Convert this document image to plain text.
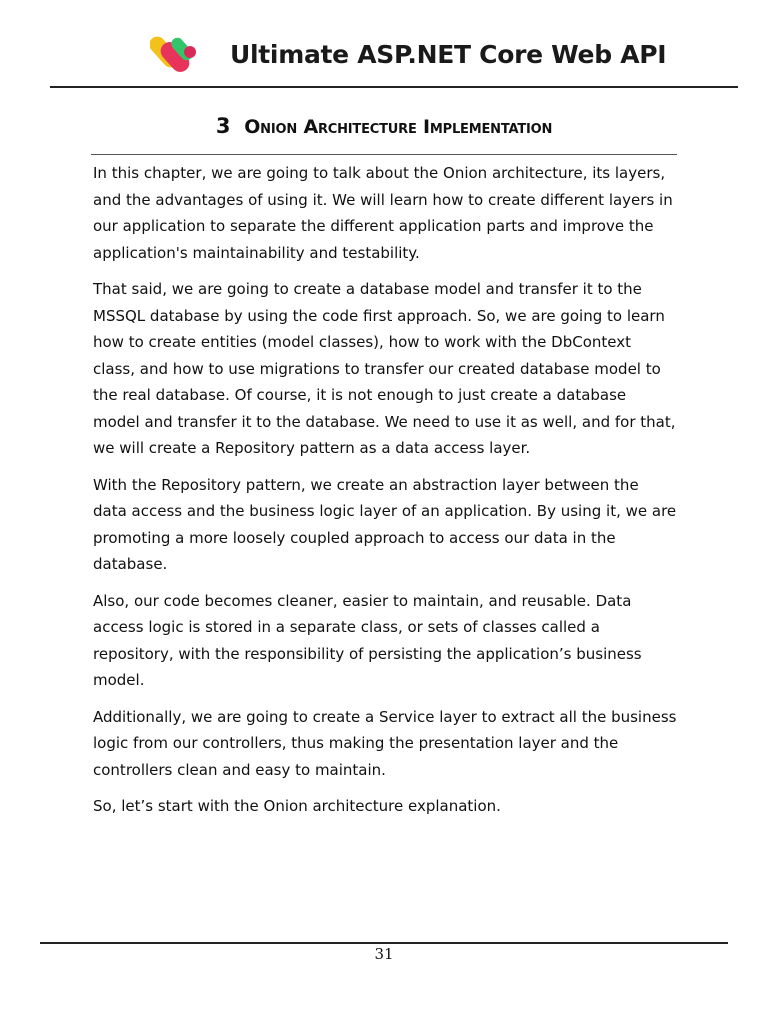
Ultimate ASP.NET Core Web API
3 Onion Architecture Implementation

In this chapter, we are going to talk about the Onion architecture, its layers, and the advantages of using it. We will learn how to create different layers in our application to separate the different application parts and improve the application's maintainability and testability.

That said, we are going to create a database model and transfer it to the MSSQL database by using the code first approach. So, we are going to learn how to create entities (model classes), how to work with the DbContext class, and how to use migrations to transfer our created database model to the real database. Of course, it is not enough to just create a database model and transfer it to the database. We need to use it as well, and for that, we will create a Repository pattern as a data access layer.

With the Repository pattern, we create an abstraction layer between the data access and the business logic layer of an application. By using it, we are promoting a more loosely coupled approach to access our data in the database.

Also, our code becomes cleaner, easier to maintain, and reusable. Data access logic is stored in a separate class, or sets of classes called a repository, with the responsibility of persisting the application’s business model.

Additionally, we are going to create a Service layer to extract all the business logic from our controllers, thus making the presentation layer and the controllers clean and easy to maintain.

So, let’s start with the Onion architecture explanation.

31
